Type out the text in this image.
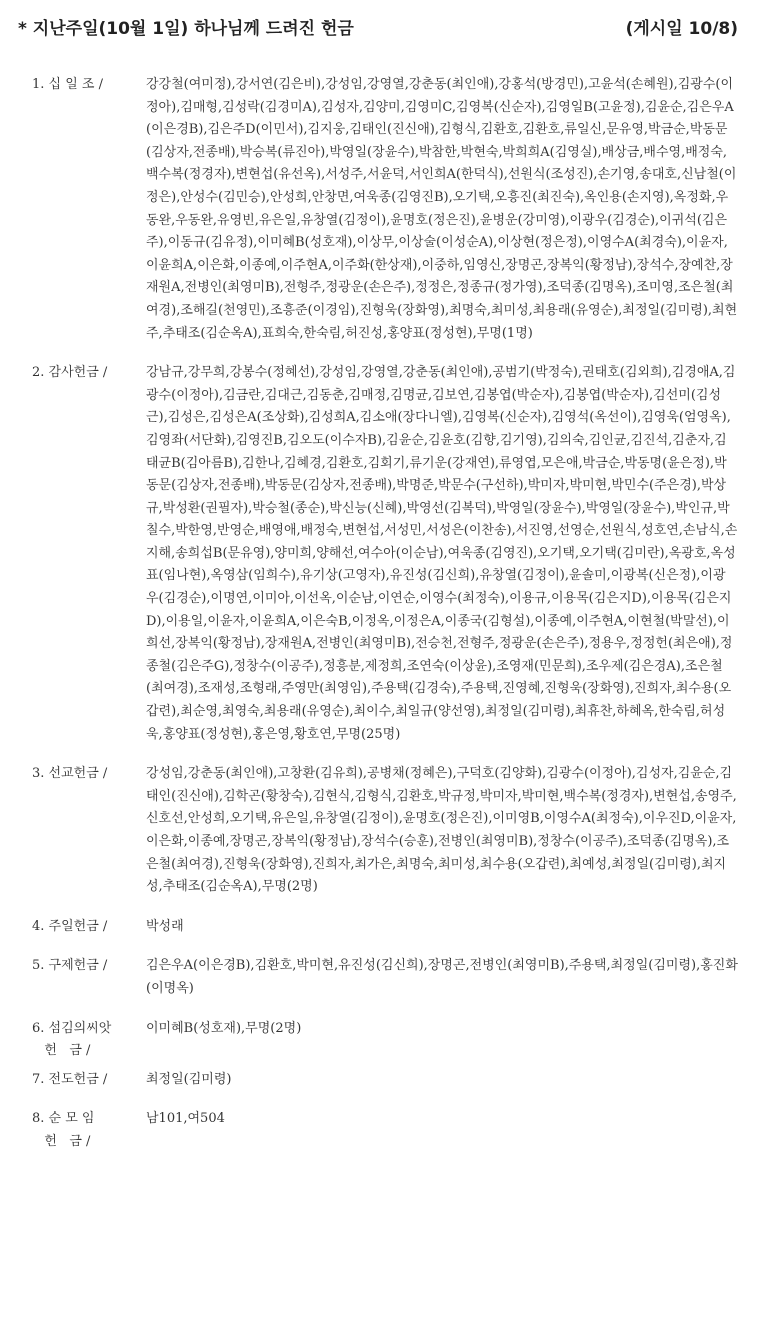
* 지난주일(10월 1일) 하나님께 드려진 헌금	(게시일 10/8)
1. 십 일 조 /	강강철(여미정),강서연(김은비),강성임,강영열,강춘동(최인애),강홍석(방경민),고윤석(손혜원),김광수(이정아),김매형,김성락(김경미A),김성자,김양미,김영미C,김영복(신순자),김영일B(고윤정),김윤순,김은우A(이은경B),김은주D(이민서),김지웅,김태인(진신애),김형식,김환호,김환호,류일신,문유영,박금순,박동문(김상자,전종배),박승복(류진아),박영일(장윤수),박참한,박현숙,박희희A(김영실),배상금,배수영,배정숙,백수복(정경자),변현섭(유선옥),서성주,서윤덕,서인희A(한덕식),선원식(조성진),손기영,송대호,신남철(이정은),안성수(김민승),안성희,안창면,여욱종(김영진B),오기택,오흥진(최진숙),옥인용(손지영),옥정화,우동완,우동완,유영빈,유은일,유창열(김정이),윤명호(정은진),윤병운(강미영),이광우(김경순),이귀석(김은주),이동규(김유정),이미혜B(성호재),이상무,이상술(이성순A),이상현(정은정),이영수A(최경숙),이윤자,이윤희A,이은화,이종예,이주현A,이주화(한상재),이중하,임영신,장명곤,장복익(황정남),장석수,장예찬,장재원A,전병인(최영미B),전형주,정광운(손은주),정정은,정종규(정가영),조덕종(김명옥),조미영,조은철(최여경),조해길(천영민),조흥준(이경임),진형욱(장화영),최명숙,최미성,최용래(유영순),최정일(김미령),최현주,추태조(김순옥A),표희숙,한숙림,허진성,홍양표(정성현),무명(1명)
2. 감사헌금 /	강남규,강무희,강봉수(정혜선),강성임,강영열,강춘동(최인애),공범기(박정숙),권태호(김외희),김경애A,김광수(이정아),김금란,김대근,김동춘,김매정,김명균,김보연,김봉엽(박순자),김봉엽(박순자),김선미(김성근),김성은,김성은A(조상화),김성희A,김소애(장다니엘),김영복(신순자),김영석(옥선이),김영욱(엄영옥),김영좌(서단화),김영진B,김오도(이수자B),김윤순,김윤호(김향,김기영),김의숙,김인균,김진석,김춘자,김태균B(김아름B),김한나,김혜경,김환호,김회기,류기운(강재연),류영엽,모은애,박금순,박동명(윤은정),박동문(김상자,전종배),박동문(김상자,전종배),박명준,박문수(구선하),박미자,박미현,박민수(주은경),박상규,박성환(권필자),박승철(종순),박신능(신혜),박영선(김복덕),박영일(장윤수),박영일(장윤수),박인규,박칠수,박한영,반영순,배영애,배정숙,변현섭,서성민,서성은(이찬송),서진영,선영순,선원식,성호연,손남식,손지해,송희섭B(문유영),양미희,양해선,여수아(이순남),여욱종(김영진),오기택,오기택(김미란),옥광호,옥성표(임나현),옥영삼(임희수),유기상(고영자),유진성(김신희),유창열(김정이),윤솔미,이광복(신은정),이광우(김경순),이명연,이미아,이선옥,이순남,이연순,이영수(최정숙),이용규,이용목(김은지D),이용목(김은지D),이용일,이윤자,이윤희A,이은숙B,이정옥,이정은A,이종국(김형설),이종예,이주현A,이현철(박말선),이희선,장복익(황정남),장재원A,전병인(최영미B),전승천,전형주,정광운(손은주),정용우,정정헌(최은애),정종철(김은주G),정창수(이공주),정흥분,제정희,조연숙(이상윤),조영재(민문희),조우제(김은경A),조은철(최여경),조재성,조형래,주영만(최영임),주용택(김경숙),주용택,진영혜,진형욱(장화영),진희자,최수용(오갑련),최순영,최영숙,최용래(유영순),최이수,최일규(양선영),최정일(김미령),최휴찬,하혜옥,한숙림,허성욱,홍양표(정성현),홍은영,황호연,무명(25명)
3. 선교헌금 /	강성임,강춘동(최인애),고창환(김유희),공병채(정혜은),구덕호(김양화),김광수(이정아),김성자,김윤순,김태인(진신애),김학곤(황창숙),김현식,김형식,김환호,박규정,박미자,박미현,백수복(정경자),변현섭,송영주,신호선,안성희,오기택,유은일,유창열(김정이),윤명호(정은진),이미영B,이영수A(최정숙),이우진D,이윤자,이은화,이종예,장명곤,장복익(황정남),장석수(승훈),전병인(최영미B),정창수(이공주),조덕종(김명옥),조은철(최여경),진형욱(장화영),진희자,최가은,최명숙,최미성,최수용(오갑련),최예성,최정일(김미령),최지성,추태조(김순옥A),무명(2명)
4. 주일헌금 /	박성래
5. 구제헌금 /	김은우A(이은경B),김환호,박미현,유진성(김신희),장명곤,전병인(최영미B),주용택,최정일(김미령),홍진화(이명옥)
6. 섬김의씨앗
헌   금 /
이미혜B(성호재),무명(2명)
7. 전도헌금 /	최정일(김미령)
8. 순 모 임
헌   금 /
남101,여504
